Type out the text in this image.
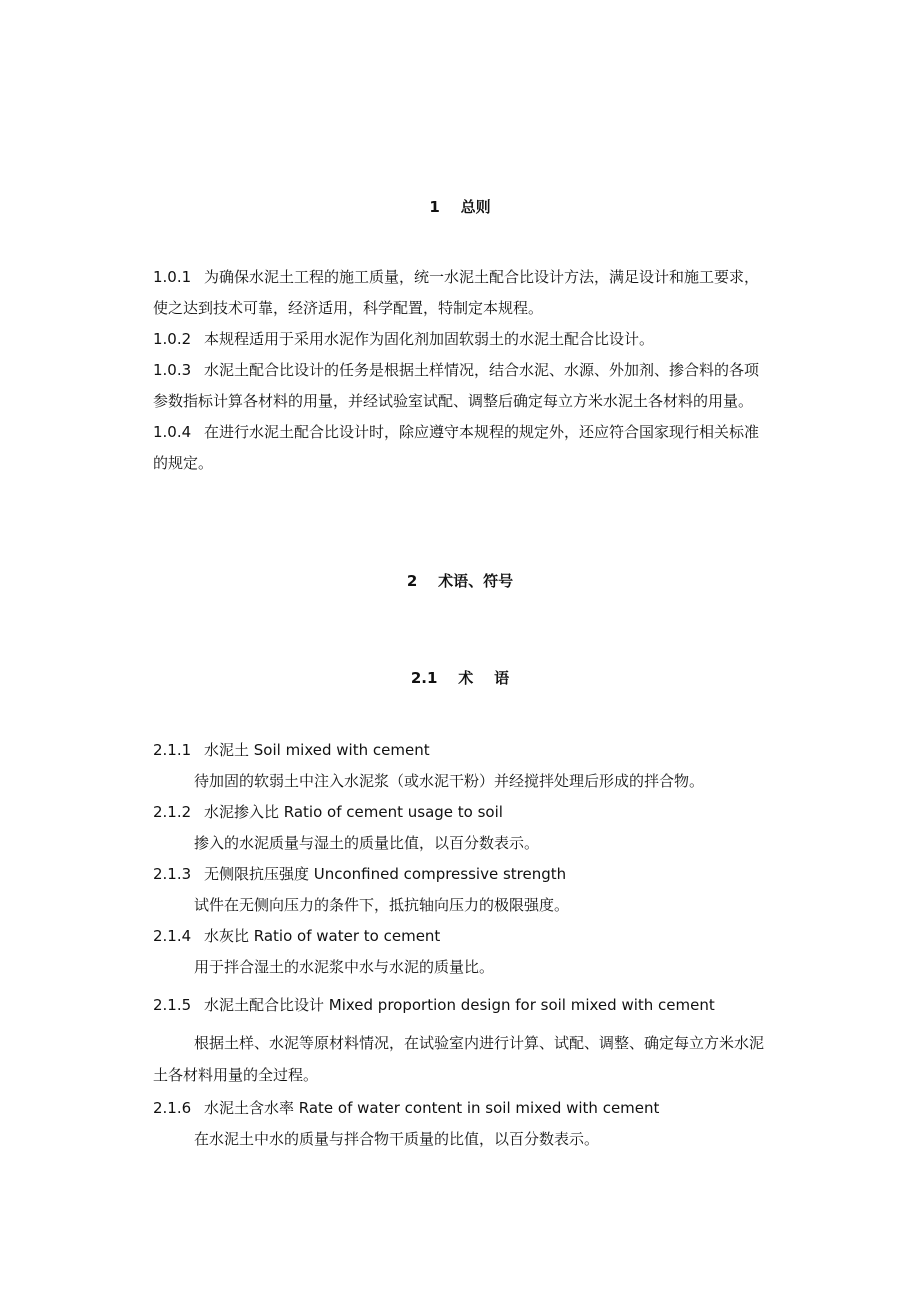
1    总则
1.0.1 为确保水泥土工程的施工质量，统一水泥土配合比设计方法，满足设计和施工要求，
使之达到技术可靠，经济适用，科学配置，特制定本规程。
1.0.2 本规程适用于采用水泥作为固化剂加固软弱土的水泥土配合比设计。
1.0.3 水泥土配合比设计的任务是根据土样情况，结合水泥、水源、外加剂、掺合料的各项
参数指标计算各材料的用量，并经试验室试配、调整后确定每立方米水泥土各材料的用量。
1.0.4 在进行水泥土配合比设计时，除应遵守本规程的规定外，还应符合国家现行相关标准
的规定。
2    术语、符号
2.1    术    语
2.1.1 水泥土 Soil mixed with cement
待加固的软弱土中注入水泥浆（或水泥干粉）并经搅拌处理后形成的拌合物。
2.1.2 水泥掺入比 Ratio of cement usage to soil
掺入的水泥质量与湿土的质量比值，以百分数表示。
2.1.3 无侧限抗压强度 Unconfined compressive strength
试件在无侧向压力的条件下，抵抗轴向压力的极限强度。
2.1.4 水灰比 Ratio of water to cement
用于拌合湿土的水泥浆中水与水泥的质量比。
2.1.5 水泥土配合比设计 Mixed proportion design for soil mixed with cement
根据土样、水泥等原材料情况，在试验室内进行计算、试配、调整、确定每立方米水泥
土各材料用量的全过程。
2.1.6 水泥土含水率 Rate of water content in soil mixed with cement
在水泥土中水的质量与拌合物干质量的比值，以百分数表示。
